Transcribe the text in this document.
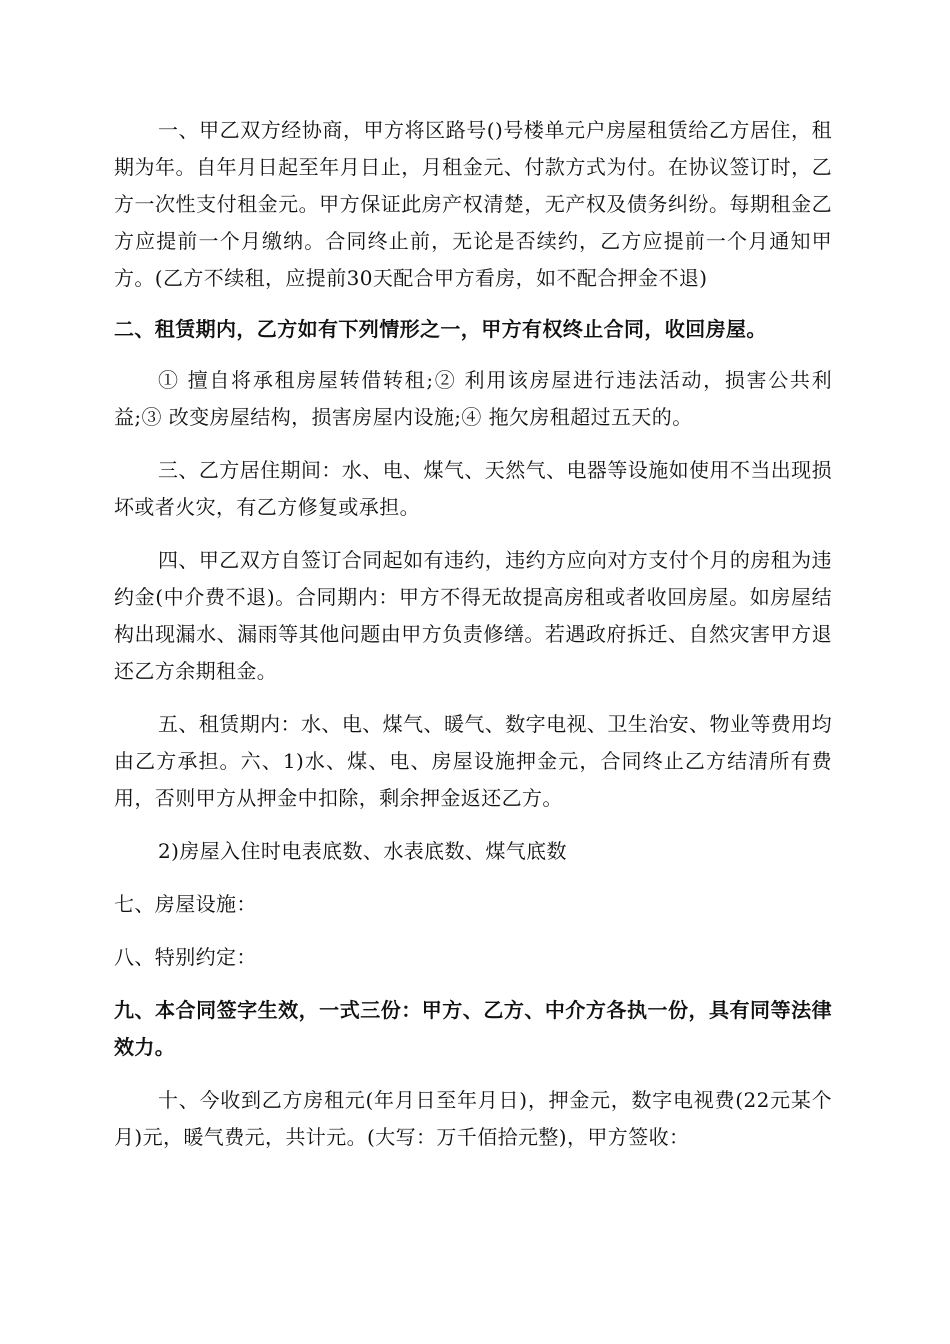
一、甲乙双方经协商，甲方将区路号()号楼单元户房屋租赁给乙方居住，租期为年。自年月日起至年月日止，月租金元、付款方式为付。在协议签订时，乙方一次性支付租金元。甲方保证此房产权清楚，无产权及债务纠纷。每期租金乙方应提前一个月缴纳。合同终止前，无论是否续约，乙方应提前一个月通知甲方。(乙方不续租，应提前30天配合甲方看房，如不配合押金不退)

二、租赁期内，乙方如有下列情形之一，甲方有权终止合同，收回房屋。

① 擅自将承租房屋转借转租;② 利用该房屋进行违法活动，损害公共利益;③ 改变房屋结构，损害房屋内设施;④ 拖欠房租超过五天的。

三、乙方居住期间：水、电、煤气、天然气、电器等设施如使用不当出现损坏或者火灾，有乙方修复或承担。

四、甲乙双方自签订合同起如有违约，违约方应向对方支付个月的房租为违约金(中介费不退)。合同期内：甲方不得无故提高房租或者收回房屋。如房屋结构出现漏水、漏雨等其他问题由甲方负责修缮。若遇政府拆迁、自然灾害甲方退还乙方余期租金。

五、租赁期内：水、电、煤气、暖气、数字电视、卫生治安、物业等费用均由乙方承担。六、1)水、煤、电、房屋设施押金元，合同终止乙方结清所有费用，否则甲方从押金中扣除，剩余押金返还乙方。

2)房屋入住时电表底数、水表底数、煤气底数

七、房屋设施：

八、特别约定：

九、本合同签字生效，一式三份：甲方、乙方、中介方各执一份，具有同等法律效力。

十、今收到乙方房租元(年月日至年月日)，押金元，数字电视费(22元某个月)元，暖气费元，共计元。(大写：万千佰拾元整)，甲方签收：
